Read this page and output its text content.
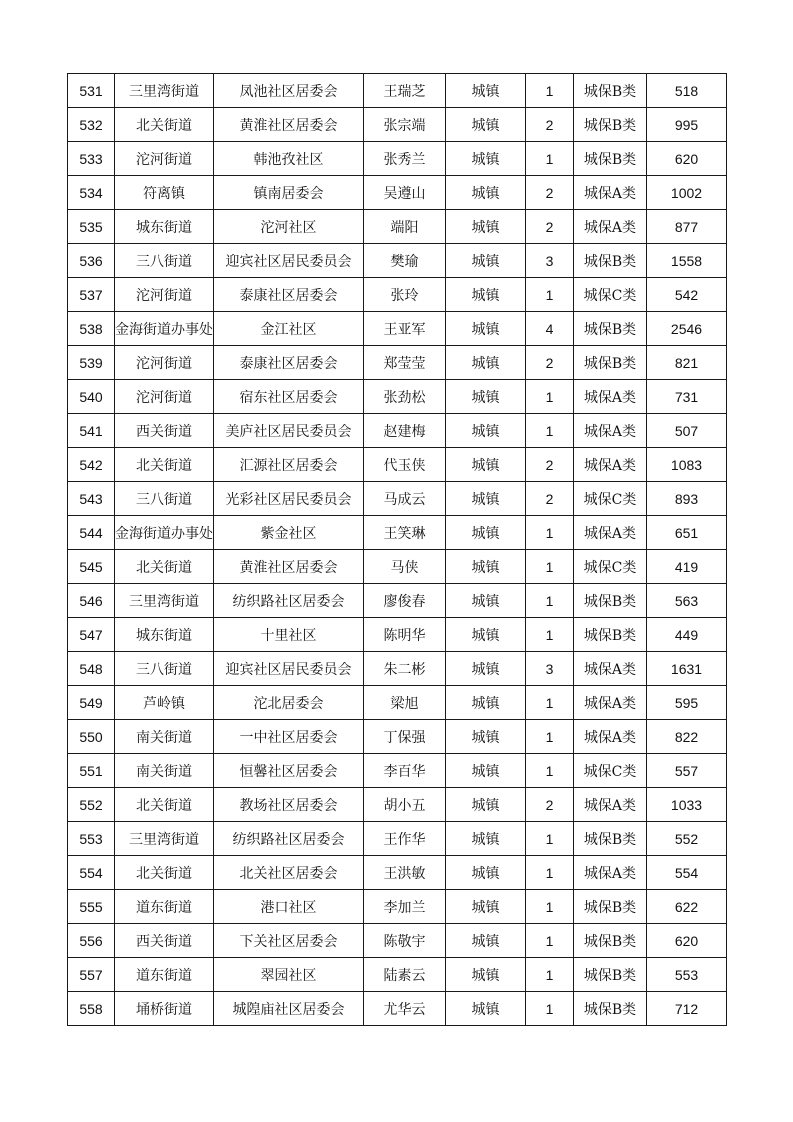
531	三里湾街道	凤池社区居委会	王瑞芝	城镇	1	城保B类	518
532	北关街道	黄淮社区居委会	张宗端	城镇	2	城保B类	995
533	沱河街道	韩池孜社区	张秀兰	城镇	1	城保B类	620
534	符离镇	镇南居委会	吴遵山	城镇	2	城保A类	1002
535	城东街道	沱河社区	端阳	城镇	2	城保A类	877
536	三八街道	迎宾社区居民委员会	樊瑜	城镇	3	城保B类	1558
537	沱河街道	泰康社区居委会	张玲	城镇	1	城保C类	542
538	金海街道办事处	金江社区	王亚军	城镇	4	城保B类	2546
539	沱河街道	泰康社区居委会	郑莹莹	城镇	2	城保B类	821
540	沱河街道	宿东社区居委会	张劲松	城镇	1	城保A类	731
541	西关街道	美庐社区居民委员会	赵建梅	城镇	1	城保A类	507
542	北关街道	汇源社区居委会	代玉侠	城镇	2	城保A类	1083
543	三八街道	光彩社区居民委员会	马成云	城镇	2	城保C类	893
544	金海街道办事处	紫金社区	王笑琳	城镇	1	城保A类	651
545	北关街道	黄淮社区居委会	马侠	城镇	1	城保C类	419
546	三里湾街道	纺织路社区居委会	廖俊春	城镇	1	城保B类	563
547	城东街道	十里社区	陈明华	城镇	1	城保B类	449
548	三八街道	迎宾社区居民委员会	朱二彬	城镇	3	城保A类	1631
549	芦岭镇	沱北居委会	梁旭	城镇	1	城保A类	595
550	南关街道	一中社区居委会	丁保强	城镇	1	城保A类	822
551	南关街道	恒馨社区居委会	李百华	城镇	1	城保C类	557
552	北关街道	教场社区居委会	胡小五	城镇	2	城保A类	1033
553	三里湾街道	纺织路社区居委会	王作华	城镇	1	城保B类	552
554	北关街道	北关社区居委会	王洪敏	城镇	1	城保A类	554
555	道东街道	港口社区	李加兰	城镇	1	城保B类	622
556	西关街道	下关社区居委会	陈敬宇	城镇	1	城保B类	620
557	道东街道	翠园社区	陆素云	城镇	1	城保B类	553
558	埇桥街道	城隍庙社区居委会	尤华云	城镇	1	城保B类	712
